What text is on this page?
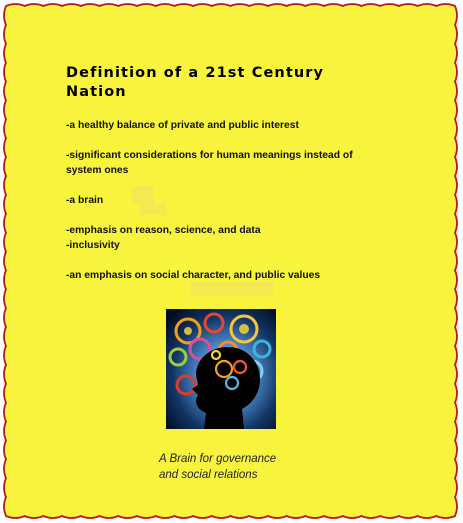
Definition of a 21st Century Nation

-a healthy balance of private and public interest

-significant considerations for human meanings instead of system ones

-a brain

-emphasis on reason, science, and data

-inclusivity

-an emphasis on social character, and public values

A Brain for governance
and social relations
